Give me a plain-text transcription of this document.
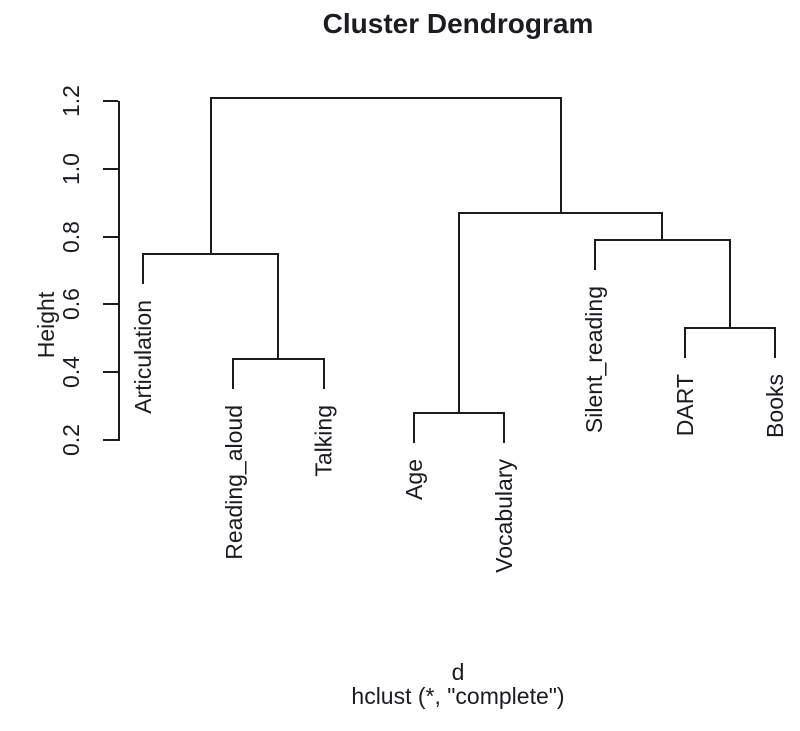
Cluster Dendrogram
Height
Reading_aloud	Talking
Articulation
Age	Vocabulary
DART	Books
Silent_reading
0.2
0.4
0.6
0.8
1.0
1.2
d
hclust (*, "complete")
